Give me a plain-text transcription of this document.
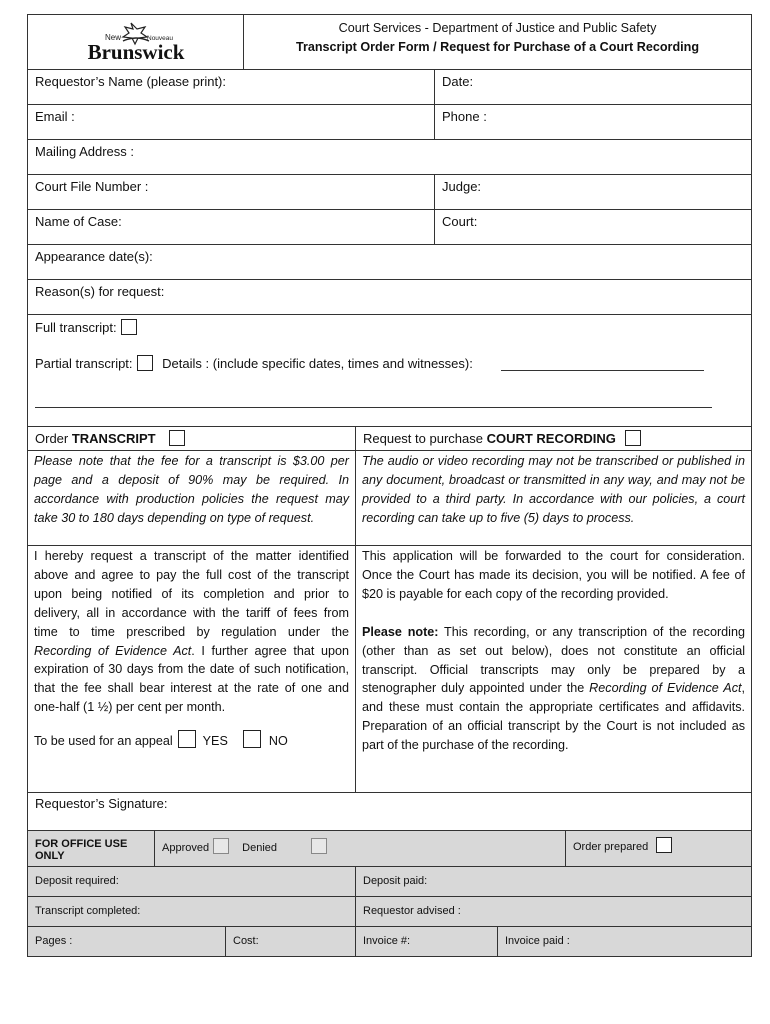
New	Nouveau
Brunswick
Court Services - Department of Justice and Public Safety
Transcript Order Form / Request for Purchase of a Court Recording
Requestor’s Name (please print):	Date:
Email :	Phone :
Mailing Address :
Court File Number :	Judge:
Name of Case:	Court:
Appearance date(s):
Reason(s) for request:
Full transcript:
Partial transcript: Details : (include specific dates, times and witnesses):
Order TRANSCRIPT	Request to purchase COURT RECORDING
Please note that the fee for a transcript is $3.00 per page and a deposit of 90% may be required. In accordance with production policies the request may take 30 to 180 days depending on type of request.
The audio or video recording may not be transcribed or published in any document, broadcast or transmitted in any way, and may not be provided to a third party. In accordance with our policies, a court recording can take up to five (5) days to process.
I hereby request a transcript of the matter identified above and agree to pay the full cost of the transcript upon being notified of its completion and prior to delivery, all in accordance with the tariff of fees from time to time prescribed by regulation under the Recording of Evidence Act. I further agree that upon expiration of 30 days from the date of such notification, that the fee shall bear interest at the rate of one and one-half (1 ½) per cent per month.
To be used for an appeal YES	NO
This application will be forwarded to the court for consideration. Once the Court has made its decision, you will be notified. A fee of $20 is payable for each copy of the recording provided.
Please note: This recording, or any transcription of the recording (other than as set out below), does not constitute an official transcript. Official transcripts may only be prepared by a stenographer duly appointed under the Recording of Evidence Act, and these must contain the appropriate certificates and affidavits. Preparation of an official transcript by the Court is not included as part of the purchase of the recording.
Requestor’s Signature:
FOR OFFICE USE ONLY
Approved	Denied	Order prepared
Deposit required:	Deposit paid:
Transcript completed:	Requestor advised :
Pages :	Cost:	Invoice #:	Invoice paid :
